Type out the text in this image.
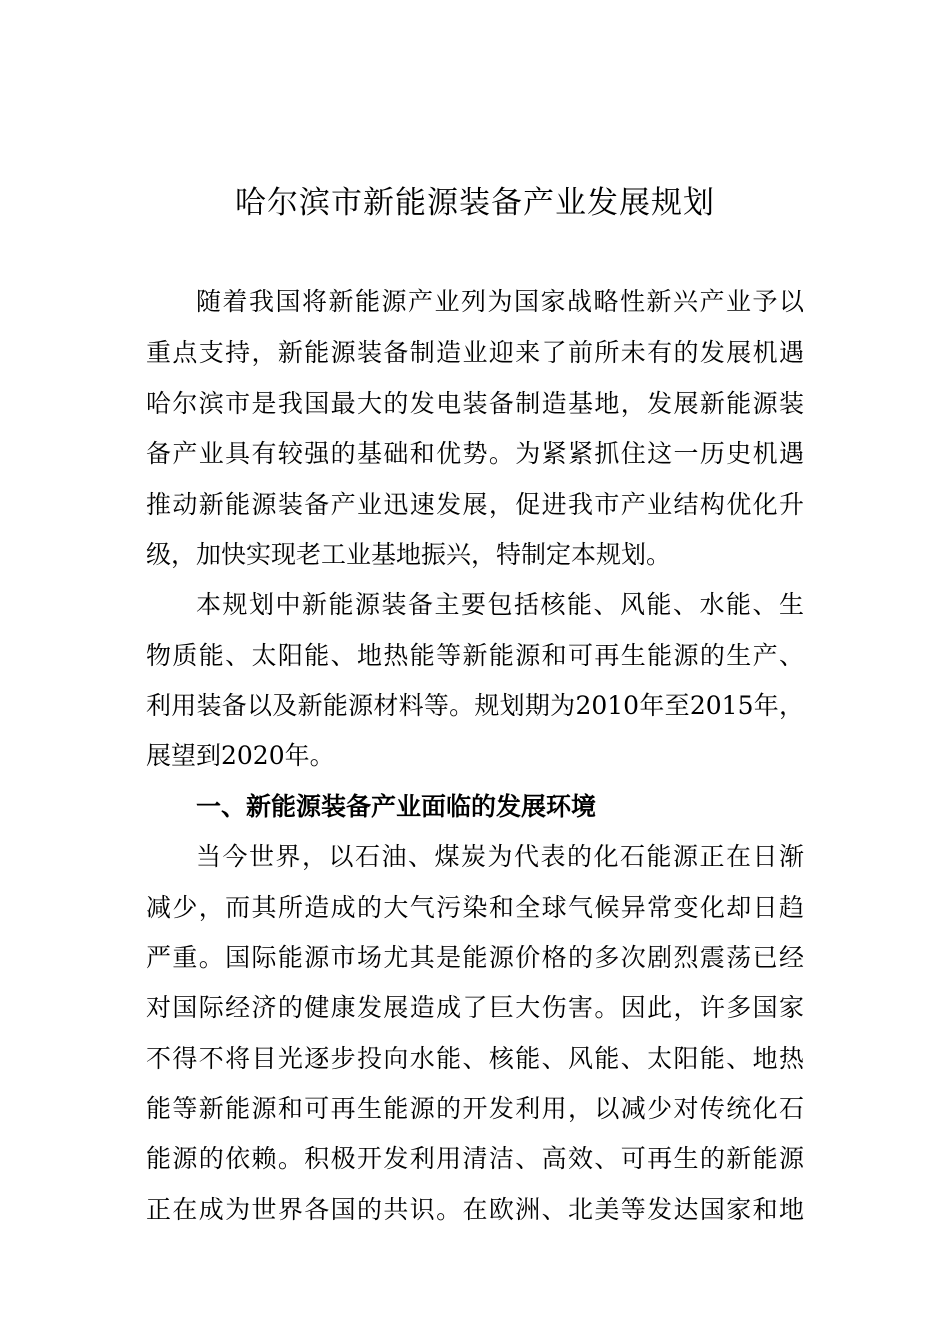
哈尔滨市新能源装备产业发展规划

随着我国将新能源产业列为国家战略性新兴产业予以

重点支持，新能源装备制造业迎来了前所未有的发展机遇

哈尔滨市是我国最大的发电装备制造基地，发展新能源装

备产业具有较强的基础和优势。为紧紧抓住这一历史机遇

推动新能源装备产业迅速发展，促进我市产业结构优化升

级，加快实现老工业基地振兴，特制定本规划。

本规划中新能源装备主要包括核能、风能、水能、生

物质能、太阳能、地热能等新能源和可再生能源的生产、

利用装备以及新能源材料等。规划期为2010年至2015年，

展望到2020年。

一、新能源装备产业面临的发展环境

当今世界，以石油、煤炭为代表的化石能源正在日渐

减少，而其所造成的大气污染和全球气候异常变化却日趋

严重。国际能源市场尤其是能源价格的多次剧烈震荡已经

对国际经济的健康发展造成了巨大伤害。因此，许多国家

不得不将目光逐步投向水能、核能、风能、太阳能、地热

能等新能源和可再生能源的开发利用，以减少对传统化石

能源的依赖。积极开发利用清洁、高效、可再生的新能源

正在成为世界各国的共识。在欧洲、北美等发达国家和地
